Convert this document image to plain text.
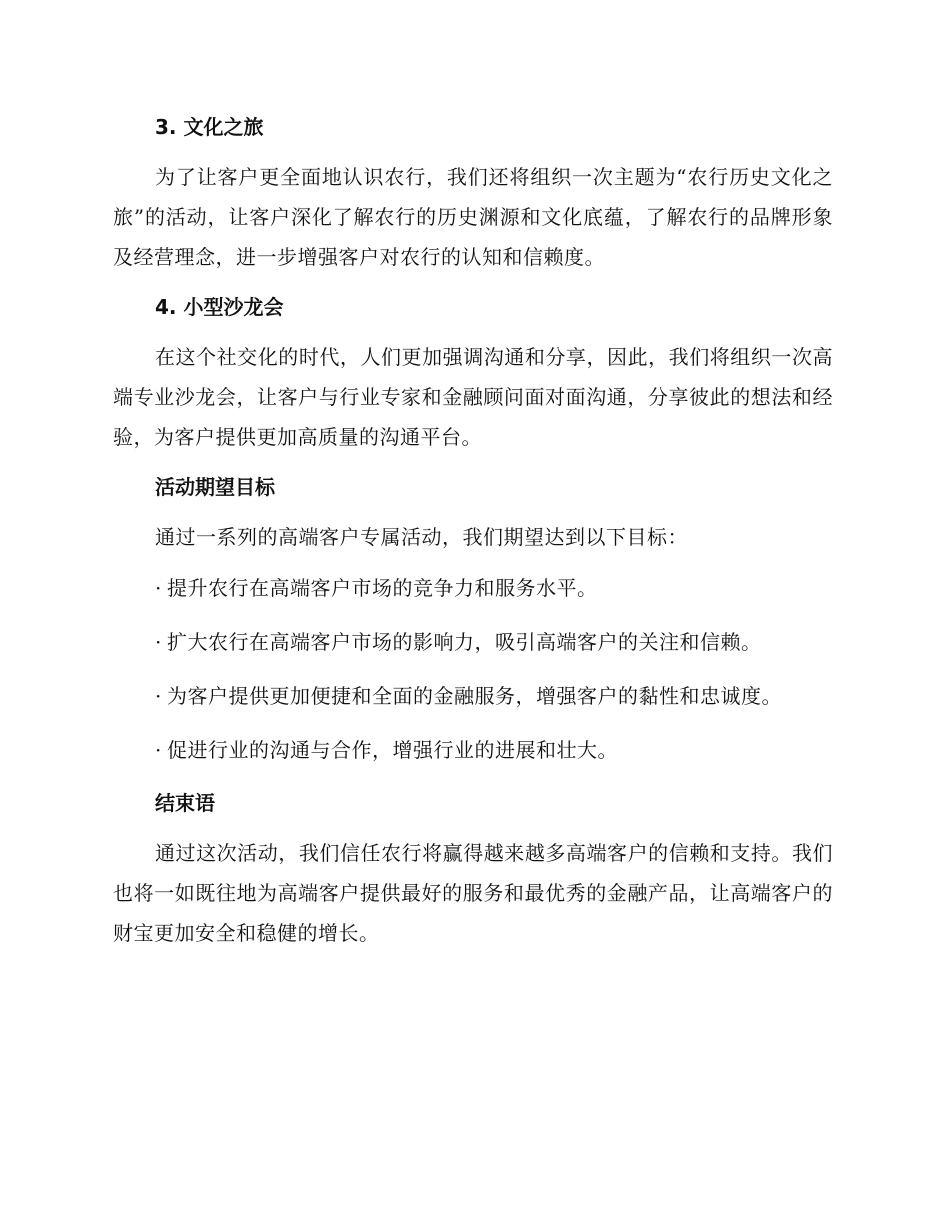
3. 文化之旅

为了让客户更全面地认识农行，我们还将组织一次主题为“农行历史文化之旅”的活动，让客户深化了解农行的历史渊源和文化底蕴，了解农行的品牌形象及经营理念，进一步增强客户对农行的认知和信赖度。

4. 小型沙龙会

在这个社交化的时代，人们更加强调沟通和分享，因此，我们将组织一次高端专业沙龙会，让客户与行业专家和金融顾问面对面沟通，分享彼此的想法和经验，为客户提供更加高质量的沟通平台。

活动期望目标

通过一系列的高端客户专属活动，我们期望达到以下目标：

· 提升农行在高端客户市场的竞争力和服务水平。
· 扩大农行在高端客户市场的影响力，吸引高端客户的关注和信赖。
· 为客户提供更加便捷和全面的金融服务，增强客户的黏性和忠诚度。
· 促进行业的沟通与合作，增强行业的进展和壮大。
结束语

通过这次活动，我们信任农行将赢得越来越多高端客户的信赖和支持。我们也将一如既往地为高端客户提供最好的服务和最优秀的金融产品，让高端客户的财宝更加安全和稳健的增长。
